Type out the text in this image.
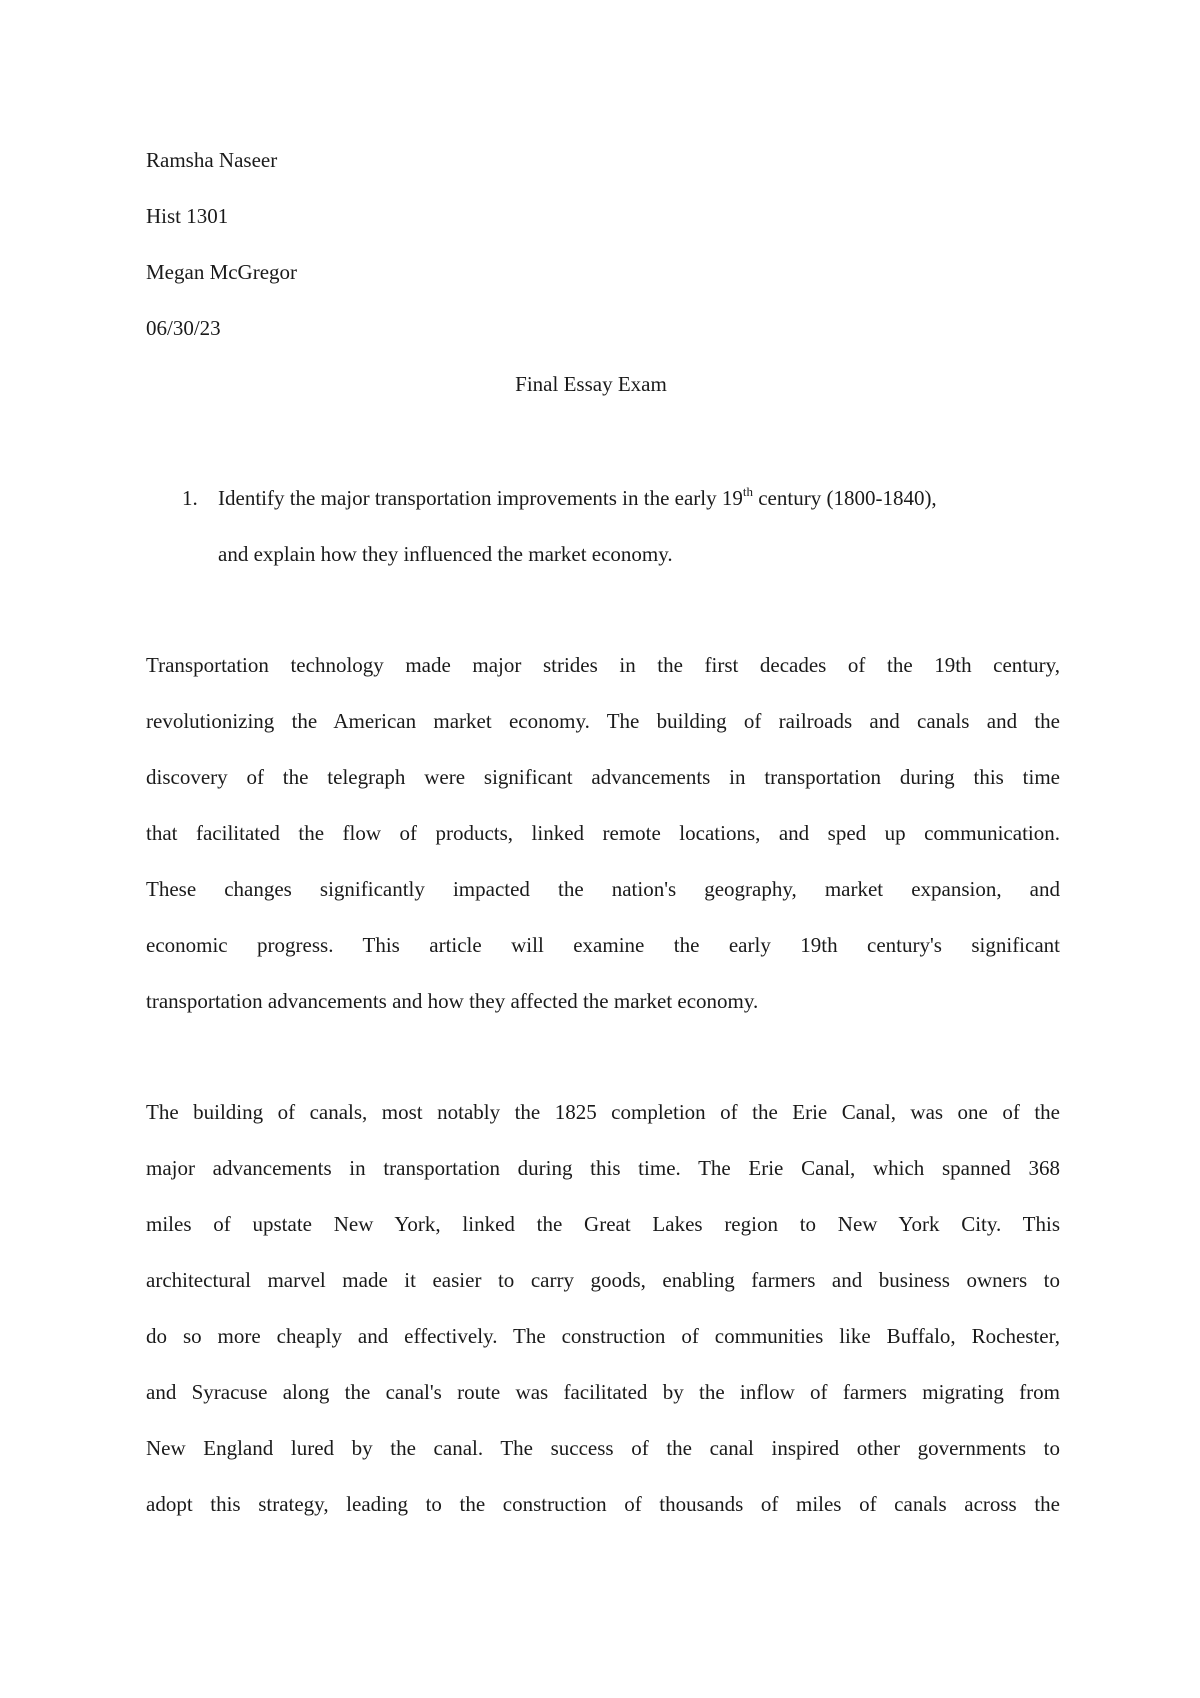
Ramsha Naseer
Hist 1301
Megan McGregor
06/30/23
Final Essay Exam
1. Identify the major transportation improvements in the early 19th century (1800-1840),
and explain how they influenced the market economy.
Transportation technology made major strides in the first decades of the 19th century,
revolutionizing the American market economy. The building of railroads and canals and the
discovery of the telegraph were significant advancements in transportation during this time
that facilitated the flow of products, linked remote locations, and sped up communication.
These changes significantly impacted the nation's geography, market expansion, and
economic progress. This article will examine the early 19th century's significant
transportation advancements and how they affected the market economy.
The building of canals, most notably the 1825 completion of the Erie Canal, was one of the
major advancements in transportation during this time. The Erie Canal, which spanned 368
miles of upstate New York, linked the Great Lakes region to New York City. This
architectural marvel made it easier to carry goods, enabling farmers and business owners to
do so more cheaply and effectively. The construction of communities like Buffalo, Rochester,
and Syracuse along the canal's route was facilitated by the inflow of farmers migrating from
New England lured by the canal. The success of the canal inspired other governments to
adopt this strategy, leading to the construction of thousands of miles of canals across the
